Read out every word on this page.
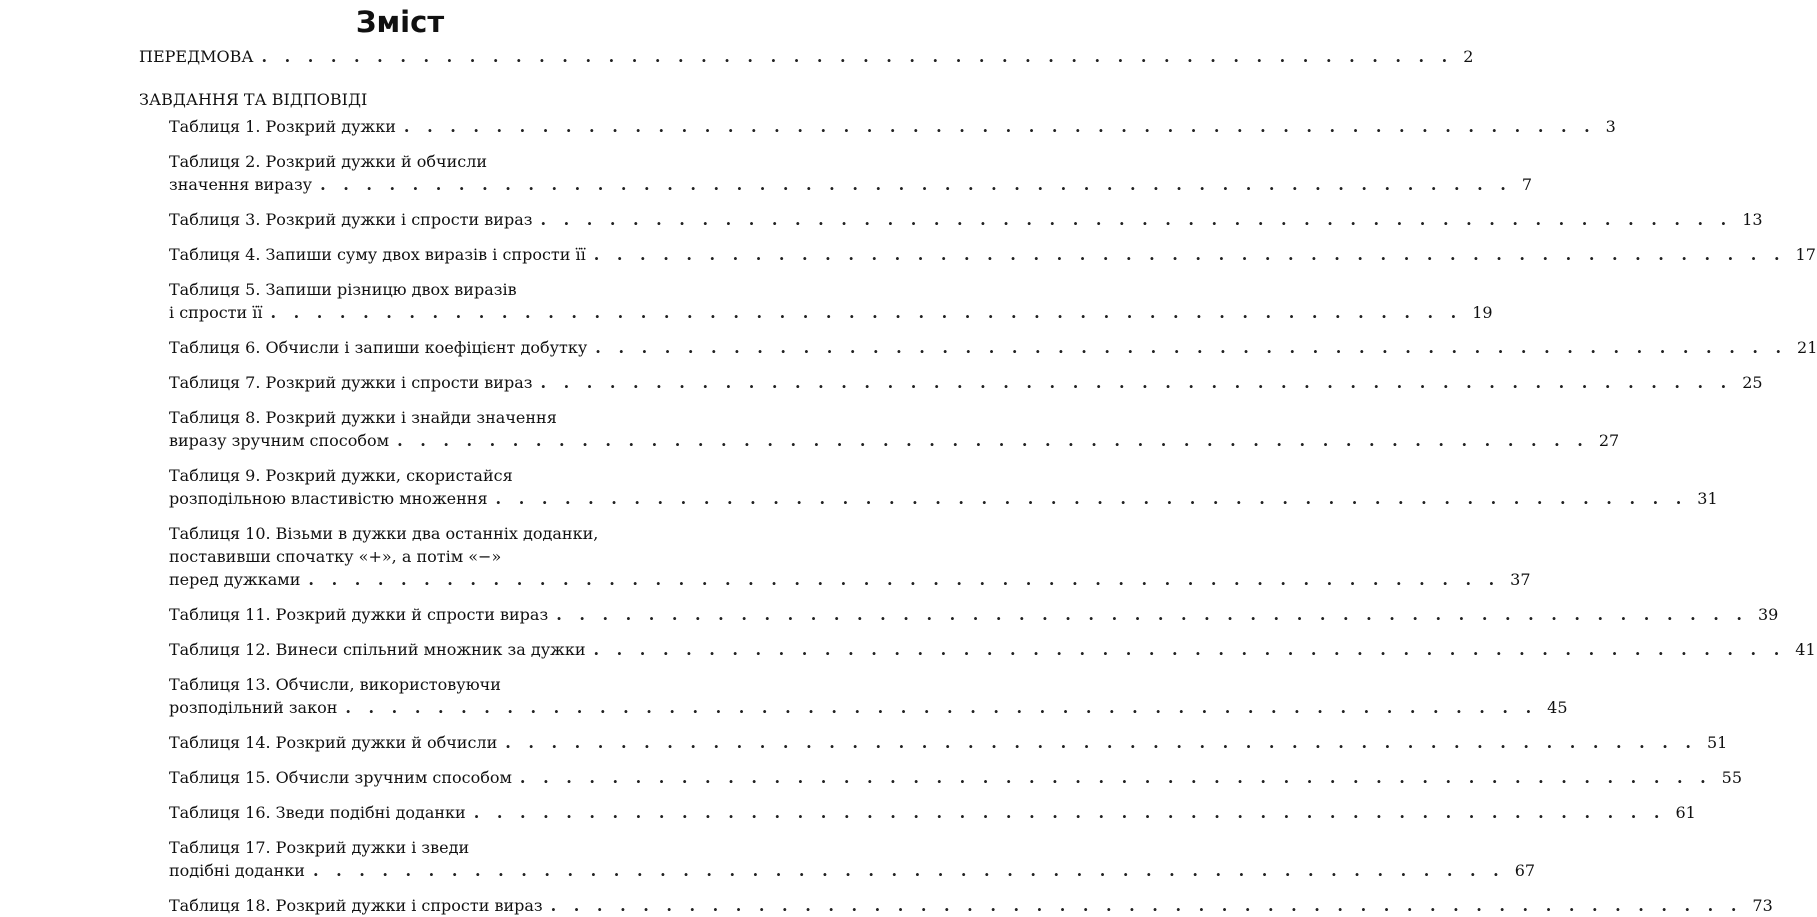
Зміст
ПЕРЕДМОВА . . . . . . . . . . . . . . . . . . . . . . . . . . . . . . . . . . . . . . . . . . . . . . . . . . . . 2
ЗАВДАННЯ ТА ВІДПОВІДІ
Таблиця 1. Розкрий дужки . . . . . . . . . . . . . . . . . . . . . . . . . . . . . . . . . . . . . . . . . . . . . . . . . . . . 3
Таблиця 2. Розкрий дужки й обчисли
значення виразу . . . . . . . . . . . . . . . . . . . . . . . . . . . . . . . . . . . . . . . . . . . . . . . . . . . . 7
Таблиця 3. Розкрий дужки і спрости вираз . . . . . . . . . . . . . . . . . . . . . . . . . . . . . . . . . . . . . . . . . . . . . . . . . . . . 13
Таблиця 4. Запиши суму двох виразів і спрости її . . . . . . . . . . . . . . . . . . . . . . . . . . . . . . . . . . . . . . . . . . . . . . . . . . . . 17
Таблиця 5. Запиши різницю двох виразів
і спрости її . . . . . . . . . . . . . . . . . . . . . . . . . . . . . . . . . . . . . . . . . . . . . . . . . . . . 19
Таблиця 6. Обчисли і запиши коефіцієнт добутку . . . . . . . . . . . . . . . . . . . . . . . . . . . . . . . . . . . . . . . . . . . . . . . . . . . . 21
Таблиця 7. Розкрий дужки і спрости вираз . . . . . . . . . . . . . . . . . . . . . . . . . . . . . . . . . . . . . . . . . . . . . . . . . . . . 25
Таблиця 8. Розкрий дужки і знайди значення
виразу зручним способом . . . . . . . . . . . . . . . . . . . . . . . . . . . . . . . . . . . . . . . . . . . . . . . . . . . . 27
Таблиця 9. Розкрий дужки, скористайся
розподільною властивістю множення . . . . . . . . . . . . . . . . . . . . . . . . . . . . . . . . . . . . . . . . . . . . . . . . . . . . 31
Таблиця 10. Візьми в дужки два останніх доданки,
поставивши спочатку «+», а потім «−»
перед дужками . . . . . . . . . . . . . . . . . . . . . . . . . . . . . . . . . . . . . . . . . . . . . . . . . . . . 37
Таблиця 11. Розкрий дужки й спрости вираз . . . . . . . . . . . . . . . . . . . . . . . . . . . . . . . . . . . . . . . . . . . . . . . . . . . . 39
Таблиця 12. Винеси спільний множник за дужки . . . . . . . . . . . . . . . . . . . . . . . . . . . . . . . . . . . . . . . . . . . . . . . . . . . . 41
Таблиця 13. Обчисли, використовуючи
розподільний закон . . . . . . . . . . . . . . . . . . . . . . . . . . . . . . . . . . . . . . . . . . . . . . . . . . . . 45
Таблиця 14. Розкрий дужки й обчисли . . . . . . . . . . . . . . . . . . . . . . . . . . . . . . . . . . . . . . . . . . . . . . . . . . . . 51
Таблиця 15. Обчисли зручним способом . . . . . . . . . . . . . . . . . . . . . . . . . . . . . . . . . . . . . . . . . . . . . . . . . . . . 55
Таблиця 16. Зведи подібні доданки . . . . . . . . . . . . . . . . . . . . . . . . . . . . . . . . . . . . . . . . . . . . . . . . . . . . 61
Таблиця 17. Розкрий дужки і зведи
подібні доданки . . . . . . . . . . . . . . . . . . . . . . . . . . . . . . . . . . . . . . . . . . . . . . . . . . . . 67
Таблиця 18. Розкрий дужки і спрости вираз . . . . . . . . . . . . . . . . . . . . . . . . . . . . . . . . . . . . . . . . . . . . . . . . . . . . 73
